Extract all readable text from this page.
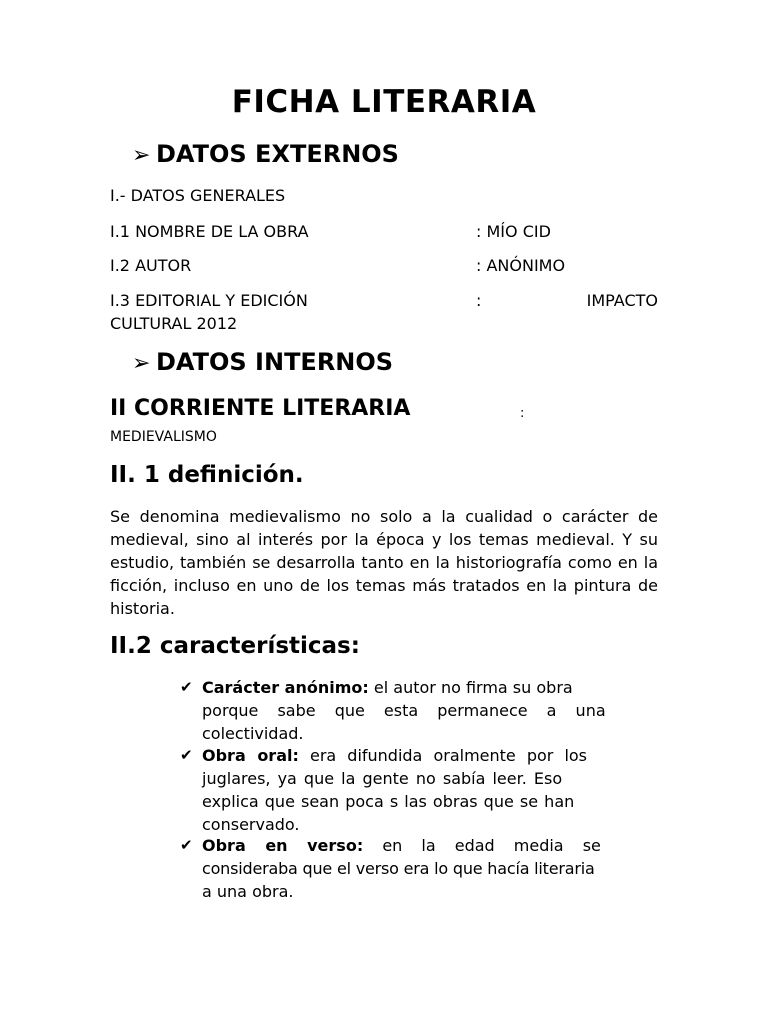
FICHA LITERARIA
➢ DATOS EXTERNOS
I.- DATOS GENERALES
I.1 NOMBRE DE LA OBRA	: MÍO CID
I.2 AUTOR	: ANÓNIMO
I.3 EDITORIAL Y EDICIÓN	:	IMPACTO
CULTURAL 2012
➢ DATOS INTERNOS
II CORRIENTE LITERARIA	:
MEDIEVALISMO
II. 1 definición.
Se denomina medievalismo no solo a la cualidad o carácter de medieval, sino al interés por la época y los temas medieval. Y su estudio, también se desarrolla tanto en la historiografía como en la ficción, incluso en uno de los temas más tratados en la pintura de historia.
II.2 características:
✔ Carácter anónimo: el autor no firma su obra
porque sabe que esta permanece a una
colectividad.
✔ Obra oral: era difundida oralmente por los
juglares, ya que la gente no sabía leer. Eso
explica que sean poca s las obras que se han
conservado.
✔ Obra en verso: en la edad media se
consideraba que el verso era lo que hacía literaria
a una obra.
